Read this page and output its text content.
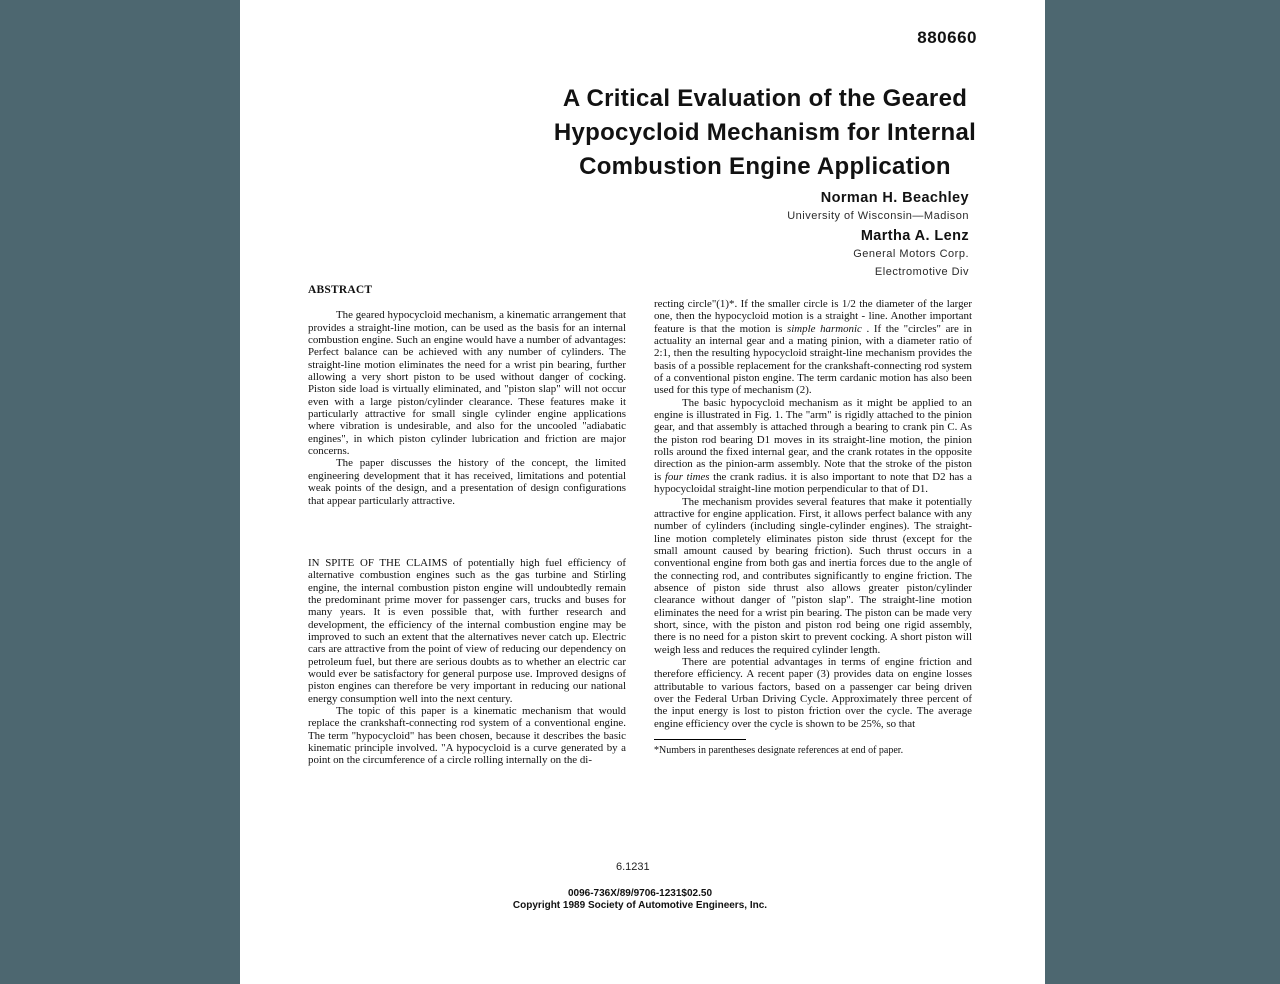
880660
A Critical Evaluation of the Geared
Hypocycloid Mechanism for Internal
Combustion Engine Application
Norman H. Beachley
University of Wisconsin—Madison
Martha A. Lenz
General Motors Corp.
Electromotive Div
ABSTRACT

The geared hypocycloid mechanism, a kinematic arrangement that provides a straight-line motion, can be used as the basis for an internal combustion engine. Such an engine would have a number of advantages: Perfect balance can be achieved with any number of cylinders. The straight-line motion eliminates the need for a wrist pin bearing, further allowing a very short piston to be used without danger of cocking. Piston side load is virtually eliminated, and "piston slap" will not occur even with a large piston/cylinder clearance. These features make it particularly attractive for small single cylinder engine applications where vibration is undesirable, and also for the uncooled "adiabatic engines", in which piston cylinder lubrication and friction are major concerns.

The paper discusses the history of the concept, the limited engineering development that it has received, limitations and potential weak points of the design, and a presentation of design configurations that appear particularly attractive.

IN SPITE OF THE CLAIMS of potentially high fuel efficiency of alternative combustion engines such as the gas turbine and Stirling engine, the internal combustion piston engine will undoubtedly remain the predominant prime mover for passenger cars, trucks and buses for many years. It is even possible that, with further research and development, the efficiency of the internal combustion engine may be improved to such an extent that the alternatives never catch up. Electric cars are attractive from the point of view of reducing our dependency on petroleum fuel, but there are serious doubts as to whether an electric car would ever be satisfactory for general purpose use. Improved designs of piston engines can therefore be very important in reducing our national energy consumption well into the next century.

The topic of this paper is a kinematic mechanism that would replace the crankshaft-connecting rod system of a conventional engine. The term "hypocycloid" has been chosen, because it describes the basic kinematic principle involved. "A hypocycloid is a curve generated by a point on the circumference of a circle rolling internally on the di-

recting circle"(1)*. If the smaller circle is 1/2 the diameter of the larger one, then the hypocycloid motion is a straight - line. Another important feature is that the motion is simple harmonic . If the "circles" are in actuality an internal gear and a mating pinion, with a diameter ratio of 2:1, then the resulting hypocycloid straight-line mechanism provides the basis of a possible replacement for the crankshaft-connecting rod system of a conventional piston engine. The term cardanic motion has also been used for this type of mechanism (2).

The basic hypocycloid mechanism as it might be applied to an engine is illustrated in Fig. 1. The "arm" is rigidly attached to the pinion gear, and that assembly is attached through a bearing to crank pin C. As the piston rod bearing D1 moves in its straight-line motion, the pinion rolls around the fixed internal gear, and the crank rotates in the opposite direction as the pinion-arm assembly. Note that the stroke of the piston is four times the crank radius. it is also important to note that D2 has a hypocycloidal straight-line motion perpendicular to that of D1.

The mechanism provides several features that make it potentially attractive for engine application. First, it allows perfect balance with any number of cylinders (including single-cylinder engines). The straight-line motion completely eliminates piston side thrust (except for the small amount caused by bearing friction). Such thrust occurs in a conventional engine from both gas and inertia forces due to the angle of the connecting rod, and contributes significantly to engine friction. The absence of piston side thrust also allows greater piston/cylinder clearance without danger of "piston slap". The straight-line motion eliminates the need for a wrist pin bearing. The piston can be made very short, since, with the piston and piston rod being one rigid assembly, there is no need for a piston skirt to prevent cocking. A short piston will weigh less and reduces the required cylinder length.

There are potential advantages in terms of engine friction and therefore efficiency. A recent paper (3) provides data on engine losses attributable to various factors, based on a passenger car being driven over the Federal Urban Driving Cycle. Approximately three percent of the input energy is lost to piston friction over the cycle. The average engine efficiency over the cycle is shown to be 25%, so that

*Numbers in parentheses designate references at end of paper.

6.1231
0096-736X/89/9706-1231$02.50
Copyright 1989 Society of Automotive Engineers, Inc.
